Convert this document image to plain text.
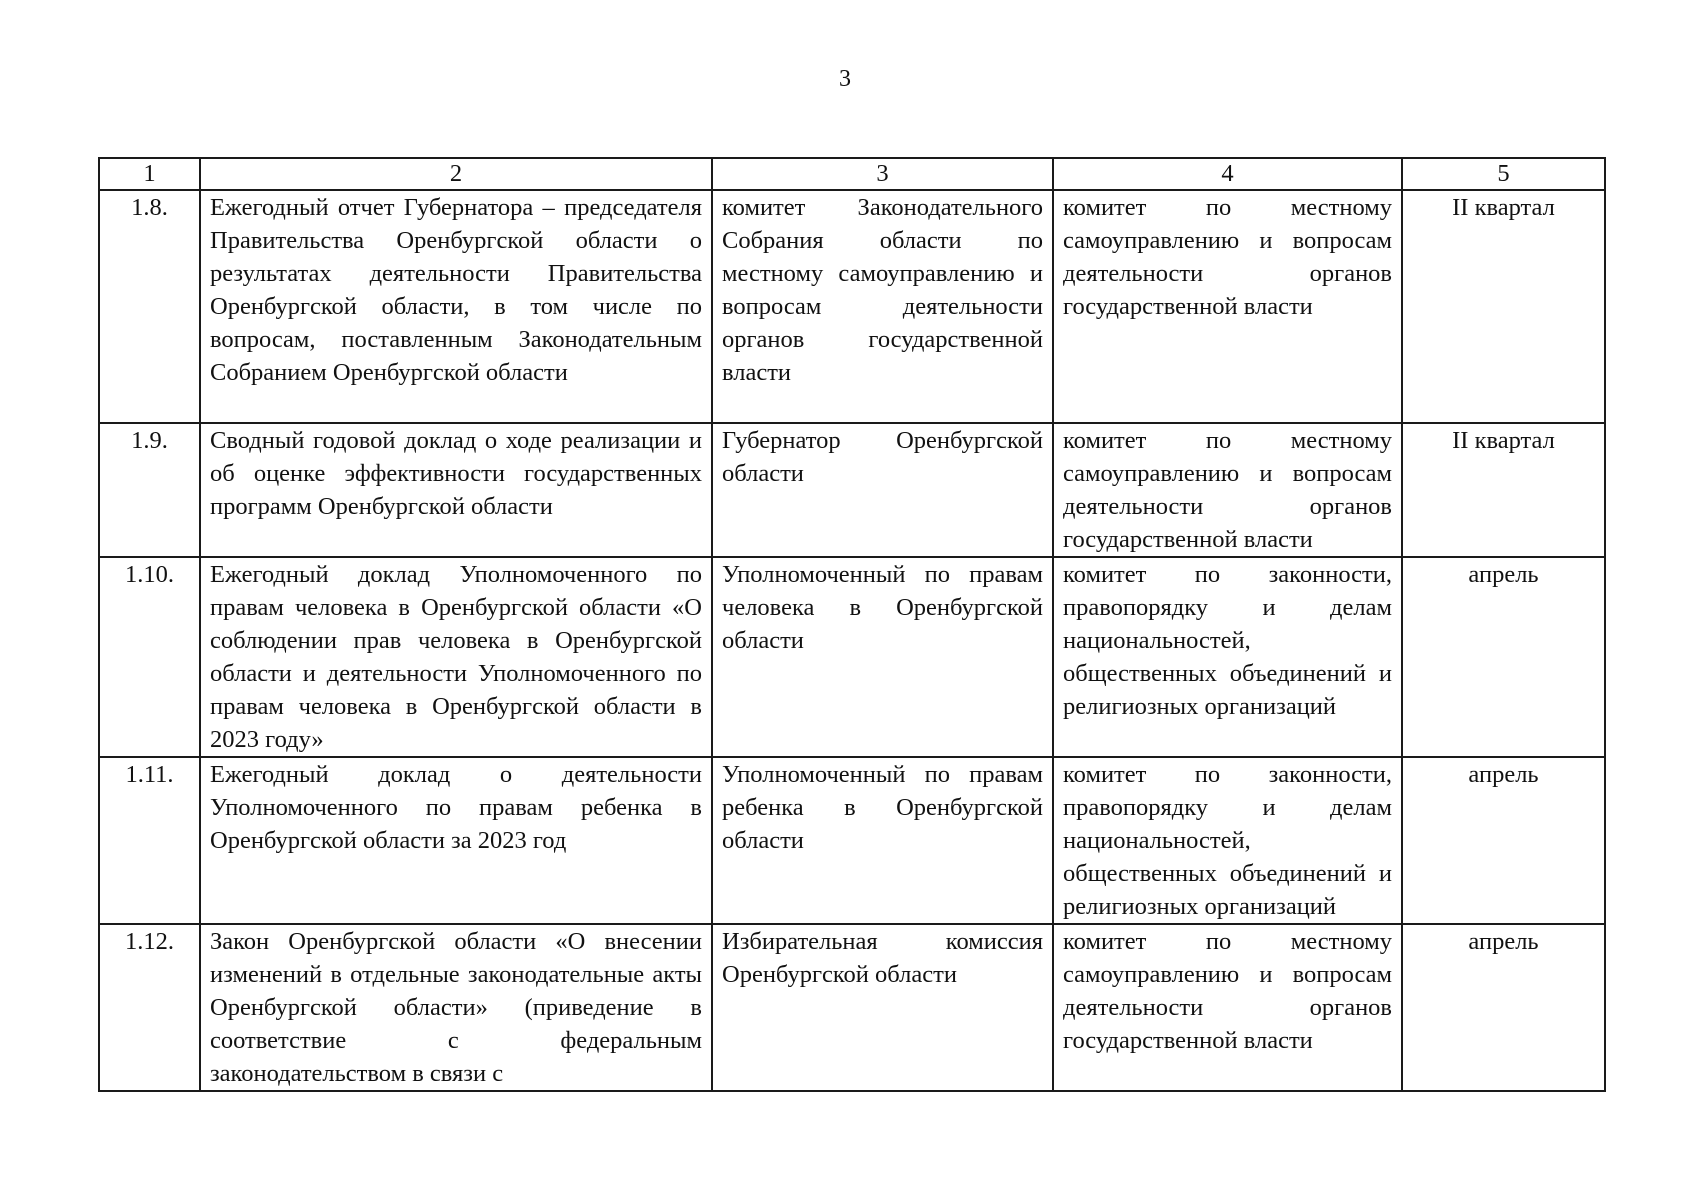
3
1	2	3	4	5
1.8.	Ежегодный отчет Губернатора – председателя Правительства Оренбургской области о результатах деятельности Правительства Оренбургской области, в том числе по вопросам, поставленным Законодательным Собранием Оренбургской области	комитет Законодательного Собрания области по местному самоуправлению и вопросам деятельности органов государственной власти	комитет по местному самоуправлению и вопросам деятельности органов государственной власти	II квартал
1.9.	Сводный годовой доклад о ходе реализации и об оценке эффективности государственных программ Оренбургской области	Губернатор Оренбургской области	комитет по местному самоуправлению и вопросам деятельности органов государственной власти	II квартал
1.10.	Ежегодный доклад Уполномоченного по правам человека в Оренбургской области «О соблюдении прав человека в Оренбургской области и деятельности Уполномоченного по правам человека в Оренбургской области в 2023 году»	Уполномоченный по правам человека в Оренбургской области	комитет по законности, правопорядку и делам национальностей, общественных объединений и религиозных организаций	апрель
1.11.	Ежегодный доклад о деятельности Уполномоченного по правам ребенка в Оренбургской области за 2023 год	Уполномоченный по правам ребенка в Оренбургской области	комитет по законности, правопорядку и делам национальностей, общественных объединений и религиозных организаций	апрель
1.12.	Закон Оренбургской области «О внесении изменений в отдельные законодательные акты Оренбургской области» (приведение в соответствие с федеральным законодательством в связи с	Избирательная комиссия Оренбургской области	комитет по местному самоуправлению и вопросам деятельности органов государственной власти	апрель
